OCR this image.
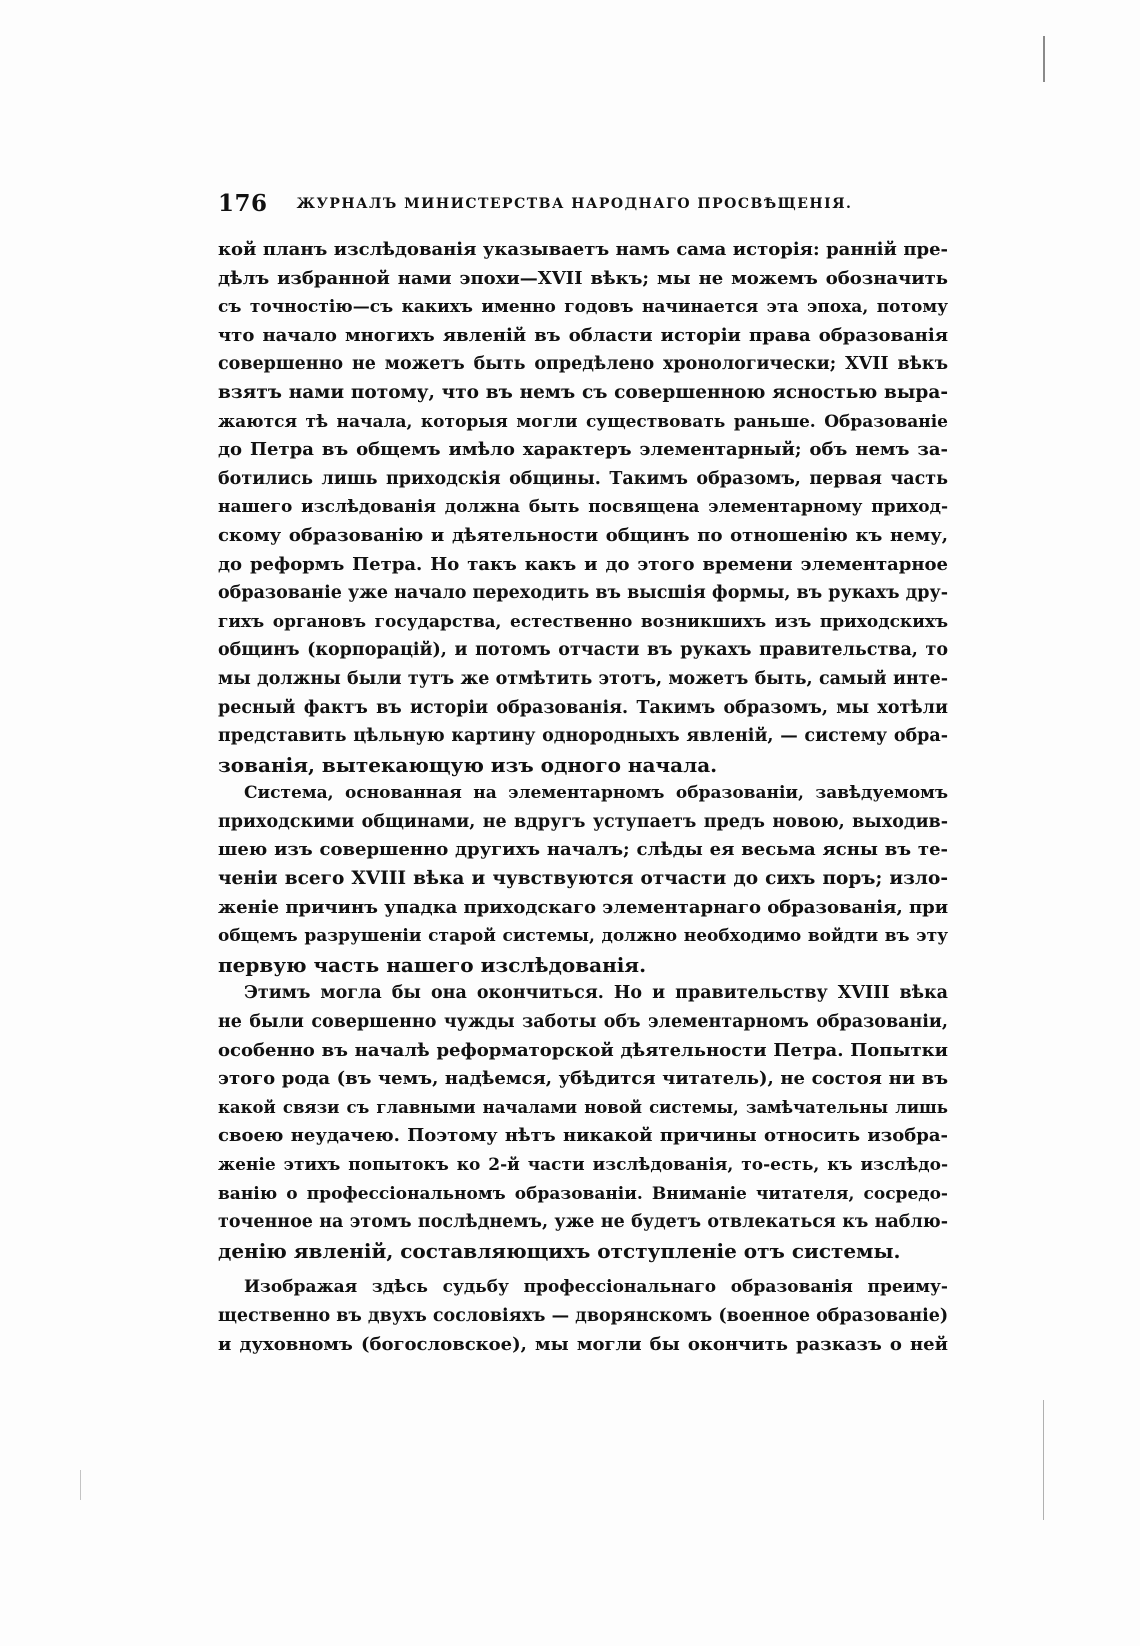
176 ЖУРНАЛЪ МИНИСТЕРСТВА НАРОДНАГО ПРОСВѢЩЕНІЯ.
кой планъ изслѣдованія указываетъ намъ сама исторія: ранній пре-
дѣлъ избранной нами эпохи—XVII вѣкъ; мы не можемъ обозначить
съ точностію—съ какихъ именно годовъ начинается эта эпоха, потому
что начало многихъ явленій въ области исторіи права образованія
совершенно не можетъ быть опредѣлено хронологически; XVII вѣкъ
взятъ нами потому, что въ немъ съ совершенною ясностью выра-
жаются тѣ начала, которыя могли существовать раньше. Образованіе
до Петра въ общемъ имѣло характеръ элементарный; объ немъ за-
ботились лишь приходскія общины. Такимъ образомъ, первая часть
нашего изслѣдованія должна быть посвящена элементарному приход-
скому образованію и дѣятельности общинъ по отношенію къ нему,
до реформъ Петра. Но такъ какъ и до этого времени элементарное
образованіе уже начало переходить въ высшія формы, въ рукахъ дру-
гихъ органовъ государства, естественно возникшихъ изъ приходскихъ
общинъ (корпорацій), и потомъ отчасти въ рукахъ правительства, то
мы должны были тутъ же отмѣтить этотъ, можетъ быть, самый инте-
ресный фактъ въ исторіи образованія. Такимъ образомъ, мы хотѣли
представить цѣльную картину однородныхъ явленій, — систему обра-
зованія, вытекающую изъ одного начала.
Система, основанная на элементарномъ образованіи, завѣдуемомъ
приходскими общинами, не вдругъ уступаетъ предъ новою, выходив-
шею изъ совершенно другихъ началъ; слѣды ея весьма ясны въ те-
ченіи всего XVIII вѣка и чувствуются отчасти до сихъ поръ; изло-
женіе причинъ упадка приходскаго элементарнаго образованія, при
общемъ разрушеніи старой системы, должно необходимо войдти въ эту
первую часть нашего изслѣдованія.
Этимъ могла бы она окончиться. Но и правительству XVIII вѣка
не были совершенно чужды заботы объ элементарномъ образованіи,
особенно въ началѣ реформаторской дѣятельности Петра. Попытки
этого рода (въ чемъ, надѣемся, убѣдится читатель), не состоя ни въ
какой связи съ главными началами новой системы, замѣчательны лишь
своею неудачею. Поэтому нѣтъ никакой причины относить изобра-
женіе этихъ попытокъ ко 2-й части изслѣдованія, то-есть, къ изслѣдо-
ванію о профессіональномъ образованіи. Вниманіе читателя, сосредо-
точенное на этомъ послѣднемъ, уже не будетъ отвлекаться къ наблю-
денію явленій, составляющихъ отступленіе отъ системы.
Изображая здѣсь судьбу профессіональнаго образованія преиму-
щественно въ двухъ сословіяхъ — дворянскомъ (военное образованіе)
и духовномъ (богословское), мы могли бы окончить разказъ о ней
